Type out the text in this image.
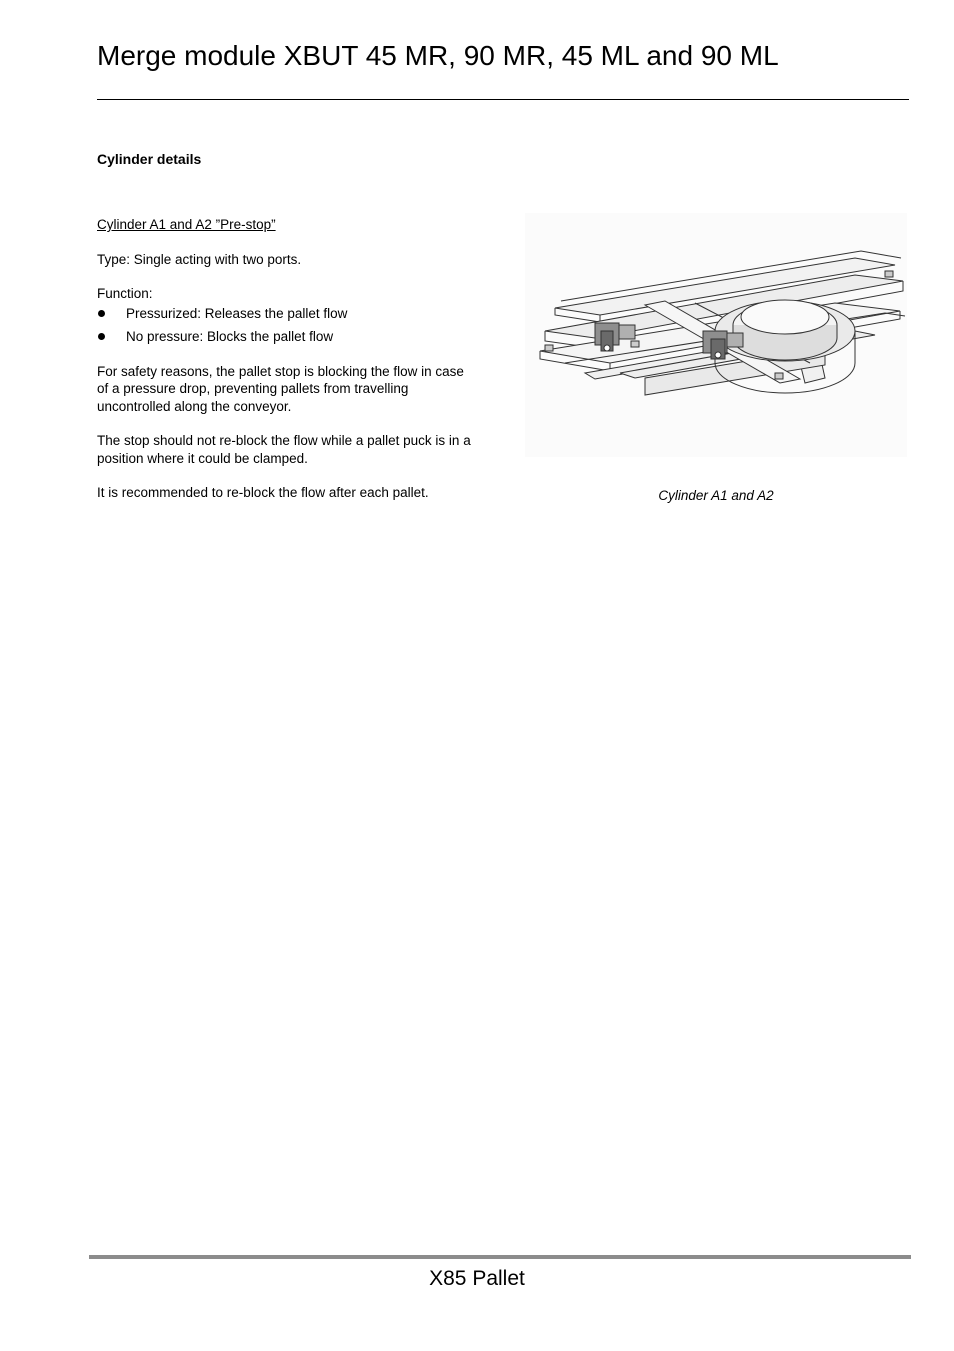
Merge module XBUT 45 MR, 90 MR, 45 ML and 90 ML
Cylinder details

Cylinder A1 and A2 ”Pre-stop”

Type: Single acting with two ports.

Function:

Pressurized: Releases the pallet flow
No pressure: Blocks the pallet flow

For safety reasons, the pallet stop is blocking the flow in case of a pressure drop, preventing pallets from travelling uncontrolled along the conveyor.

The stop should not re-block the flow while a pallet puck is in a position where it could be clamped.

It is recommended to re-block the flow after each pallet.	Cylinder A1 and A2
X85 Pallet
